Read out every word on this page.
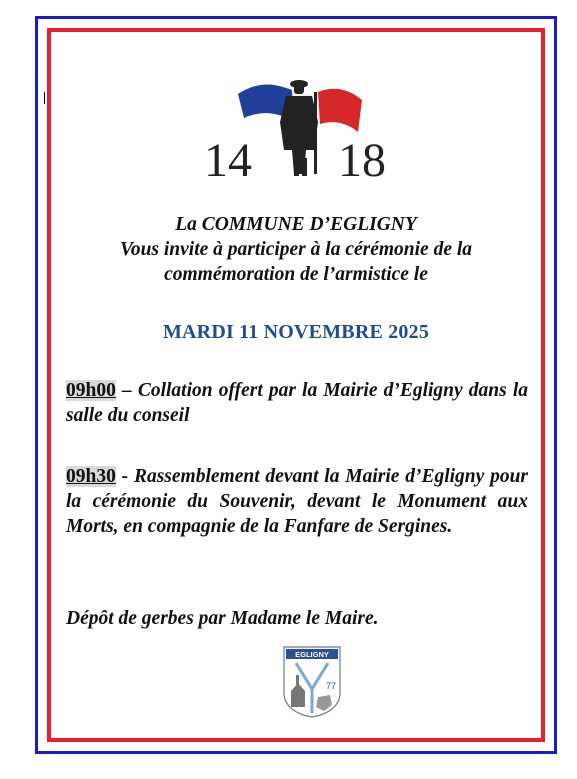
14 18
La COMMUNE D’EGLIGNY
Vous invite à participer à la cérémonie de la
commémoration de l’armistice le
MARDI 11 NOVEMBRE 2025
09h00 – Collation offert par la Mairie d’Egligny dans la salle du conseil
09h30 - Rassemblement devant la Mairie d’Egligny pour la cérémonie du Souvenir, devant le Monument aux Morts, en compagnie de la Fanfare de Sergines.
Dépôt de gerbes par Madame le Maire.
EGLIGNY
77
